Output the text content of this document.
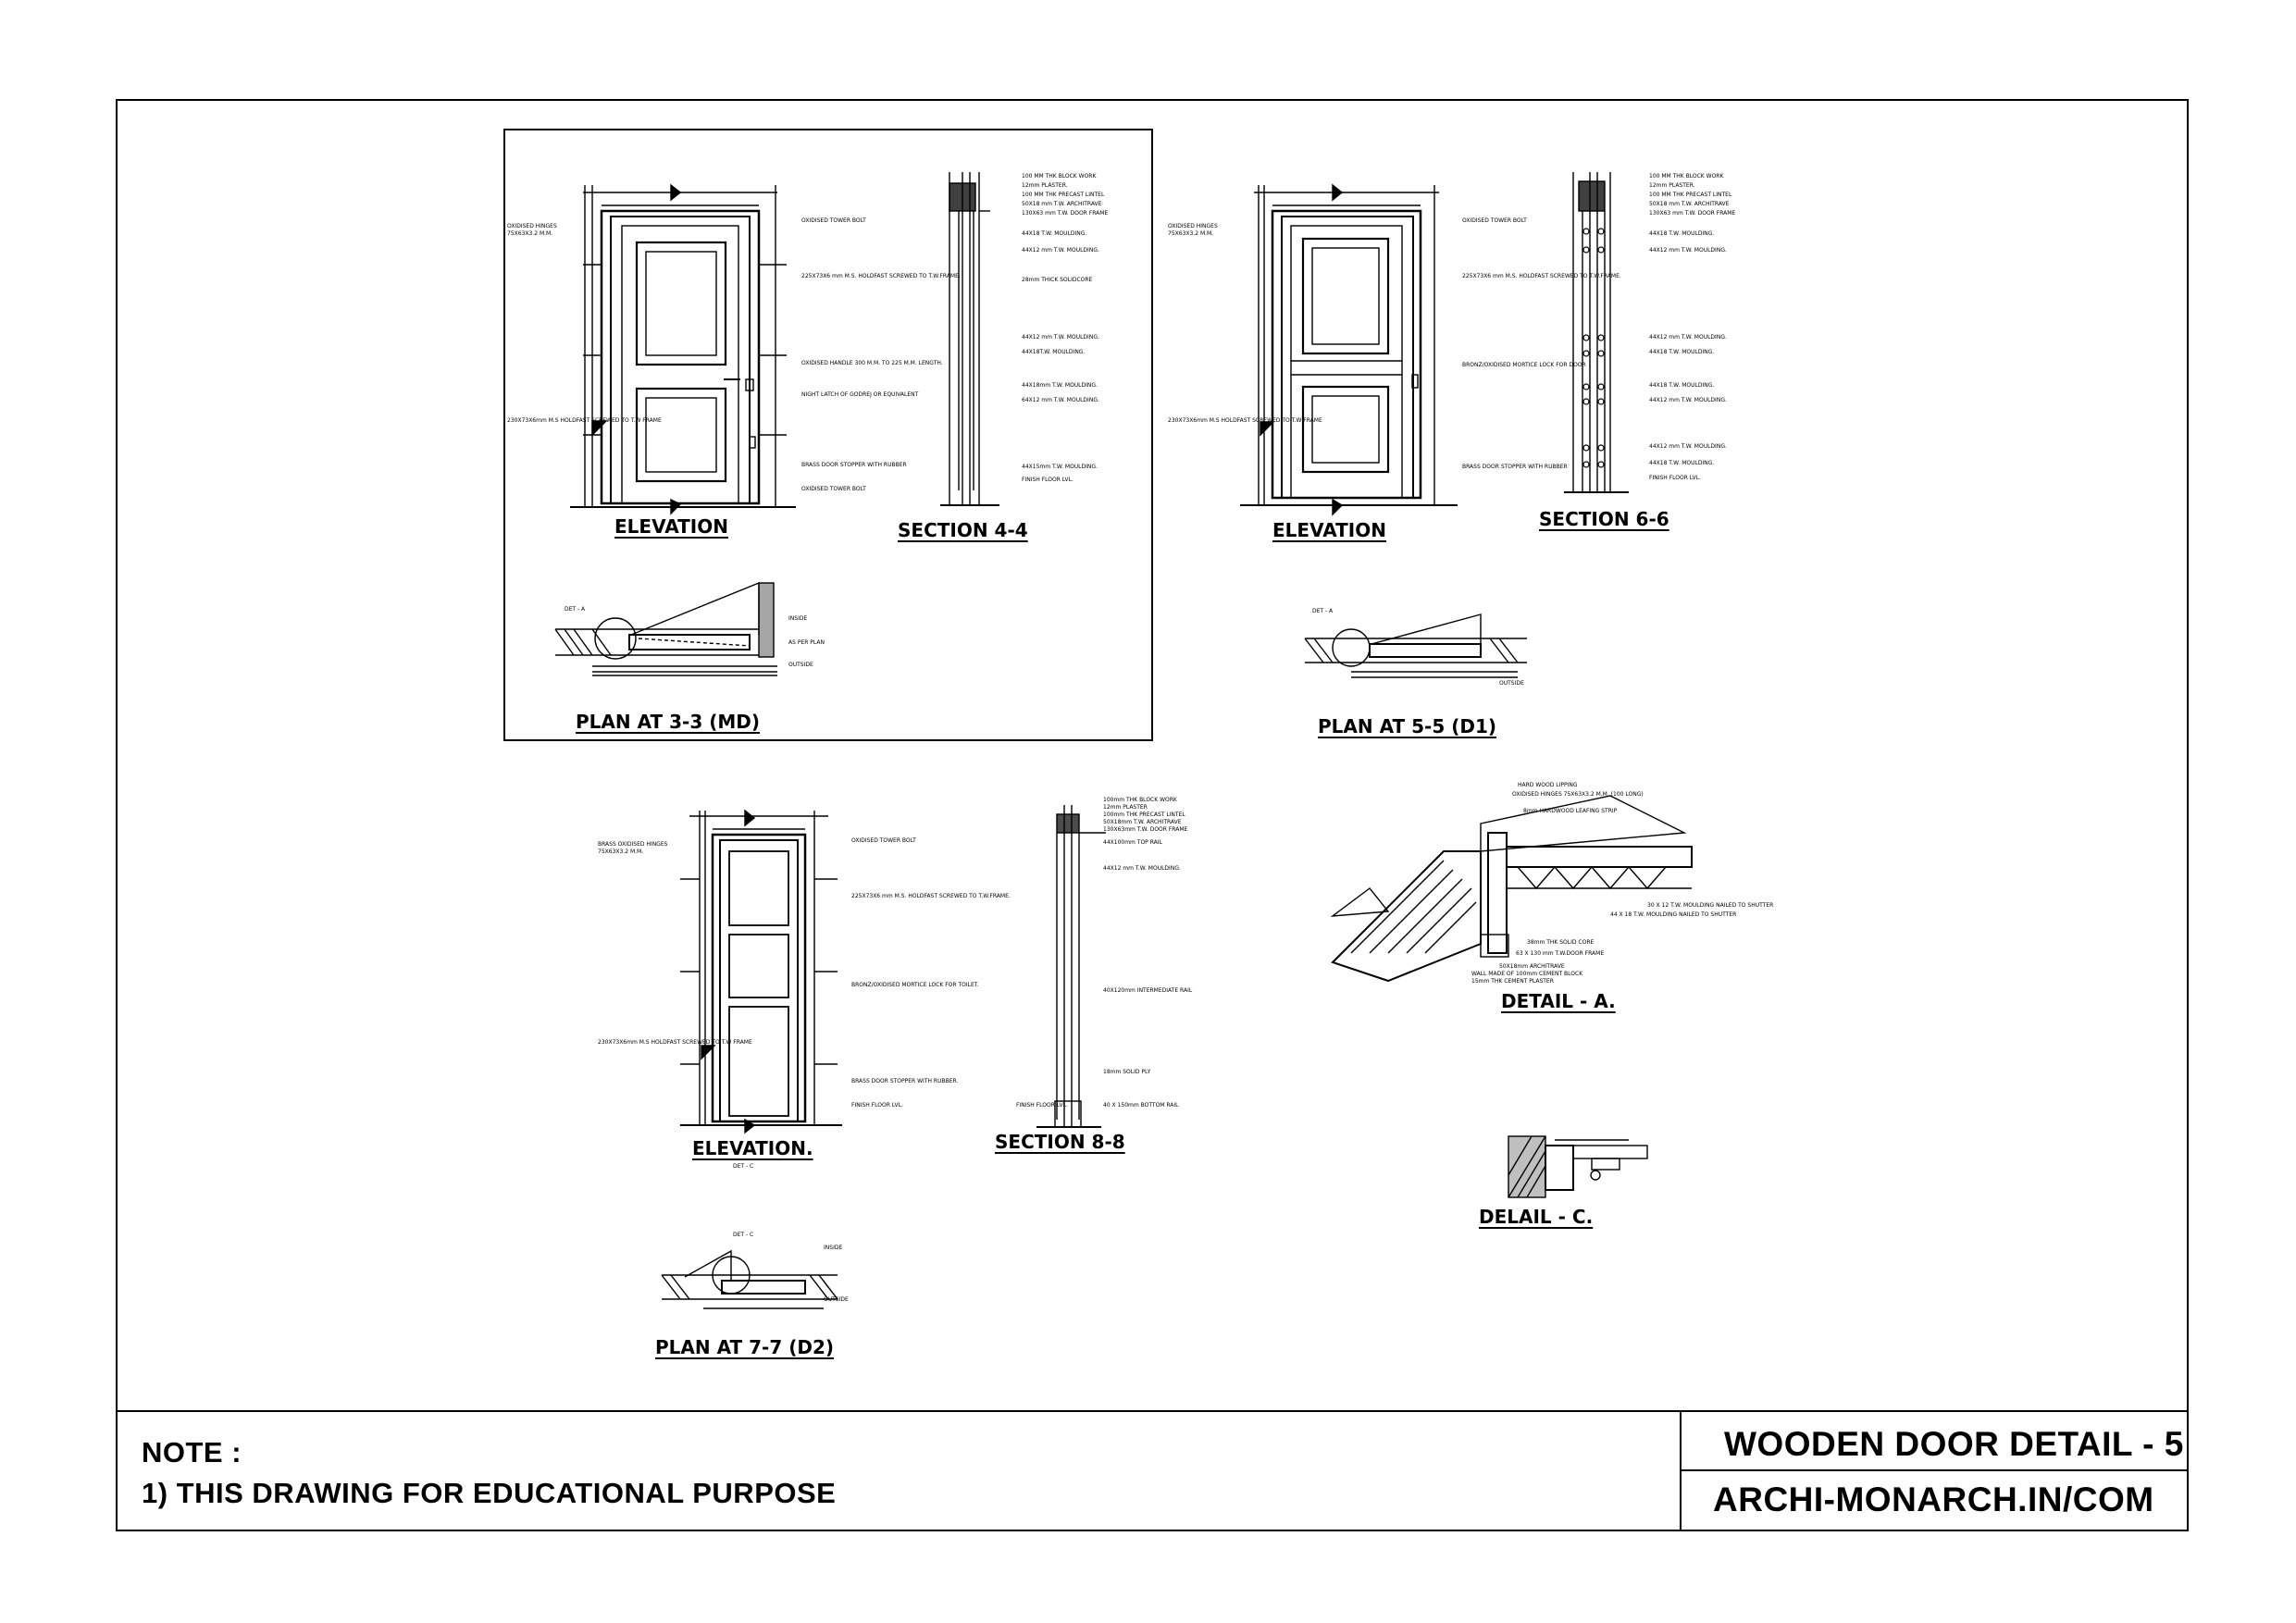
OXIDISED HINGES
75X63X3.2 M.M.
OXIDISED TOWER BOLT
225X73X6 mm M.S. HOLDFAST SCREWED TO T.W.FRAME.
OXIDISED HANDLE 300 M.M. TO 225 M.M. LENGTH.
NIGHT LATCH OF GODREJ OR EQUIVALENT
BRASS DOOR STOPPER WITH RUBBER
OXIDISED TOWER BOLT
230X73X6mm M.S HOLDFAST SCREWED TO T.W FRAME
100 MM THK BLOCK WORK
12mm PLASTER.
100 MM THK PRECAST LINTEL
50X18 mm T.W. ARCHITRAVE
130X63 mm T.W. DOOR FRAME
44X18 T.W. MOULDING.
44X12 mm T.W. MOULDING.
28mm THICK SOLIDCORE
44X12 mm T.W. MOULDING.
44X18T.W. MOULDING.
44X18mm T.W. MOULDING.
64X12 mm T.W. MOULDING.
44X15mm T.W. MOULDING.
FINISH FLOOR LVL.
DET - A
INSIDE
AS PER PLAN
OUTSIDE
OXIDISED HINGES
75X63X3.2 M.M.
OXIDISED TOWER BOLT
225X73X6 mm M.S. HOLDFAST SCREWED TO T.W.FRAME.
BRONZ/OXIDISED MORTICE LOCK FOR DOOR
BRASS DOOR STOPPER WITH RUBBER
230X73X6mm M.S HOLDFAST SCREWED TO T.W FRAME
100 MM THK BLOCK WORK
12mm PLASTER.
100 MM THK PRECAST LINTEL
50X18 mm T.W. ARCHITRAVE
130X63 mm T.W. DOOR FRAME
44X18 T.W. MOULDING.
44X12 mm T.W. MOULDING.
44X12 mm T.W. MOULDING.
44X18 T.W. MOULDING.
44X18 T.W. MOULDING.
44X12 mm T.W. MOULDING.
44X12 mm T.W. MOULDING.
44X18 T.W. MOULDING.
FINISH FLOOR LVL.
DET - A
OUTSIDE
BRASS OXIDISED HINGES
75X63X3.2 M.M.
OXIDISED TOWER BOLT
225X73X6 mm M.S. HOLDFAST SCREWED TO T.W.FRAME.
BRONZ/OXIDISED MORTICE LOCK FOR TOILET.
BRASS DOOR STOPPER WITH RUBBER.
FINISH FLOOR LVL.
230X73X6mm M.S HOLDFAST SCREWED TO T.W FRAME
DET - C
100mm THK BLOCK WORK
12mm PLASTER
100mm THK PRECAST LINTEL
50X18mm T.W. ARCHITRAVE
130X63mm T.W. DOOR FRAME
44X100mm TOP RAIL
44X12 mm T.W. MOULDING.
40X120mm INTERMEDIATE RAIL
18mm SOLID PLY
40 X 150mm BOTTOM RAIL
FINISH FLOOR LVL.
DET - C
INSIDE
OUTSIDE
HARD WOOD LIPPING
OXIDISED HINGES 75X63X3.2 M.M. (100 LONG)
8mm HARDWOOD LEAFING STRIP
44 X 18 T.W. MOULDING NAILED TO SHUTTER
30 X 12 T.W. MOULDING NAILED TO SHUTTER
38mm THK SOLID CORE
63 X 130 mm T.W.DOOR FRAME
50X18mm ARCHITRAVE
WALL MADE OF 100mm CEMENT BLOCK
15mm THK CEMENT PLASTER
ELEVATION	SECTION 4-4	ELEVATION	SECTION 6-6
PLAN AT 3-3 (MD)	PLAN AT 5-5 (D1)
ELEVATION.	SECTION 8-8
DETAIL - A.
DELAIL - C.
PLAN AT 7-7 (D2)
NOTE :
1) THIS DRAWING FOR EDUCATIONAL PURPOSE
WOODEN DOOR DETAIL - 5
ARCHI-MONARCH.IN/COM
